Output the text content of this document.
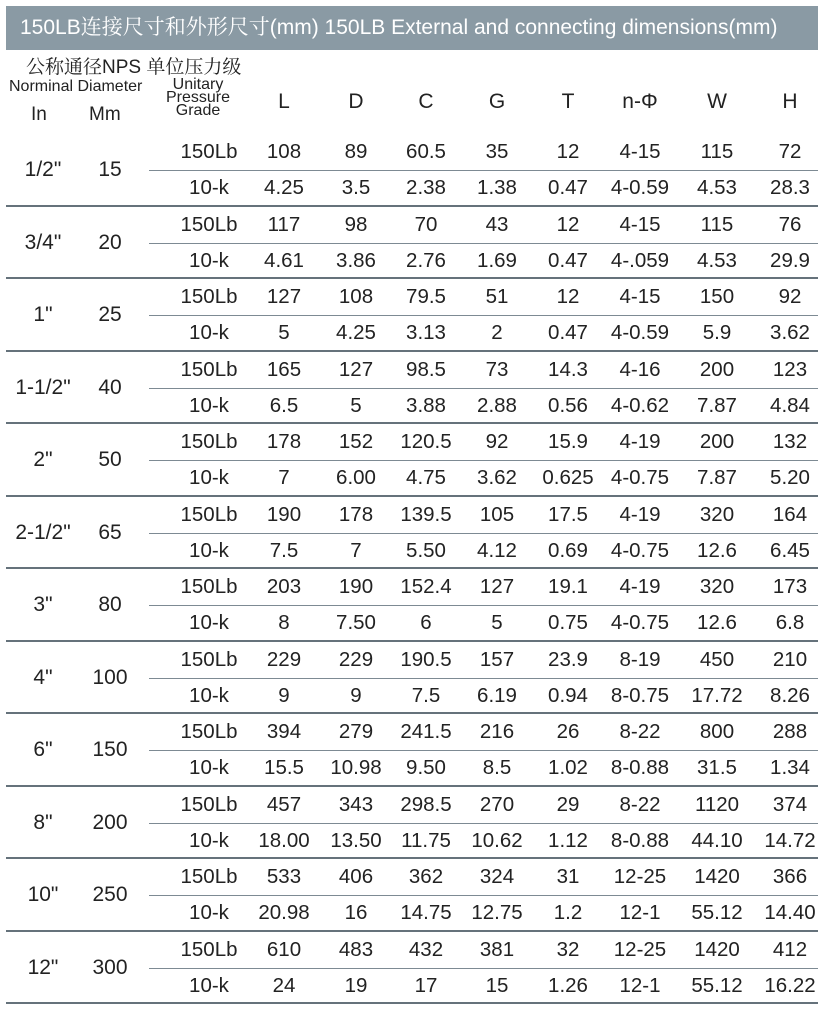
150LB连接尺寸和外形尺寸(mm) 150LB External and connecting dimensions(mm)
公称通径NPS 单位压力级
Norminal Diameter
In Mm
Unitary
Pressure
Grade	L	D	C	G	T	n-Φ	W	H
1/2"	15
150Lb	108	89	60.5	35	12	4-15	115	72
10-k	4.25	3.5	2.38	1.38	0.47	4-0.59	4.53	28.3
3/4"	20
150Lb	117	98	70	43	12	4-15	115	76
10-k	4.61	3.86	2.76	1.69	0.47	4-.059	4.53	29.9
1"	25
150Lb	127	108	79.5	51	12	4-15	150	92
10-k	5	4.25	3.13	2	0.47	4-0.59	5.9	3.62
1-1/2"	40
150Lb	165	127	98.5	73	14.3	4-16	200	123
10-k	6.5	5	3.88	2.88	0.56	4-0.62	7.87	4.84
2"	50
150Lb	178	152	120.5	92	15.9	4-19	200	132
10-k	7	6.00	4.75	3.62	0.625 4-0.75	7.87	5.20
2-1/2"	65
150Lb	190	178	139.5	105	17.5	4-19	320	164
10-k	7.5	7	5.50	4.12	0.69	4-0.75	12.6	6.45
3"	80
150Lb	203	190	152.4	127	19.1	4-19	320	173
10-k	8	7.50	6	5	0.75	4-0.75	12.6	6.8
4"	100
150Lb	229	229	190.5	157	23.9	8-19	450	210
10-k	9	9	7.5	6.19	0.94	8-0.75	17.72	8.26
6"	150
150Lb	394	279	241.5	216	26	8-22	800	288
10-k	15.5	10.98	9.50	8.5	1.02	8-0.88	31.5	1.34
8"	200
150Lb	457	343	298.5	270	29	8-22	1120	374
10-k	18.00	13.50 11.75 10.62	1.12	8-0.88	44.10	14.72
10"	250
150Lb	533	406	362	324	31	12-25	1420	366
10-k	20.98	16	14.75 12.75	1.2	12-1	55.12	14.40
12"	300
150Lb	610	483	432	381	32	12-25	1420	412
10-k	24	19	17	15	1.26	12-1	55.12	16.22
